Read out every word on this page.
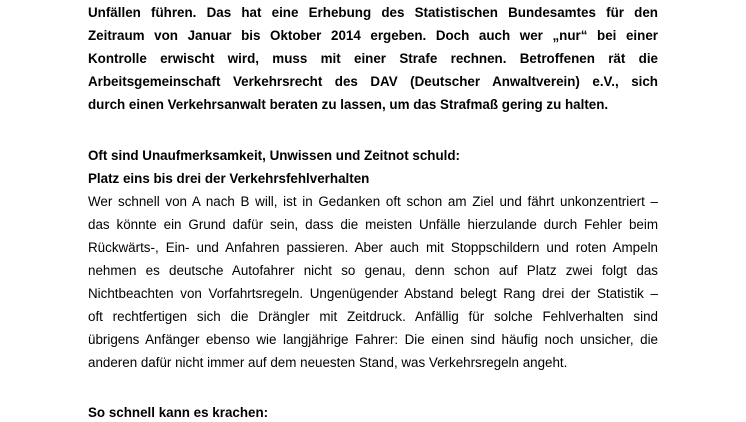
Unfällen führen. Das hat eine Erhebung des Statistischen Bundesamtes für den
Zeitraum von Januar bis Oktober 2014 ergeben. Doch auch wer „nur“ bei einer
Kontrolle erwischt wird, muss mit einer Strafe rechnen. Betroffenen rät die
Arbeitsgemeinschaft Verkehrsrecht des DAV (Deutscher Anwaltverein) e.V., sich
durch einen Verkehrsanwalt beraten zu lassen, um das Strafmaß gering zu halten.
Oft sind Unaufmerksamkeit, Unwissen und Zeitnot schuld:
Platz eins bis drei der Verkehrsfehlverhalten
Wer schnell von A nach B will, ist in Gedanken oft schon am Ziel und fährt unkonzentriert –
das könnte ein Grund dafür sein, dass die meisten Unfälle hierzulande durch Fehler beim
Rückwärts-, Ein- und Anfahren passieren. Aber auch mit Stoppschildern und roten Ampeln
nehmen es deutsche Autofahrer nicht so genau, denn schon auf Platz zwei folgt das
Nichtbeachten von Vorfahrtsregeln. Ungenügender Abstand belegt Rang drei der Statistik –
oft rechtfertigen sich die Drängler mit Zeitdruck. Anfällig für solche Fehlverhalten sind
übrigens Anfänger ebenso wie langjährige Fahrer: Die einen sind häufig noch unsicher, die
anderen dafür nicht immer auf dem neuesten Stand, was Verkehrsregeln angeht.
So schnell kann es krachen:
